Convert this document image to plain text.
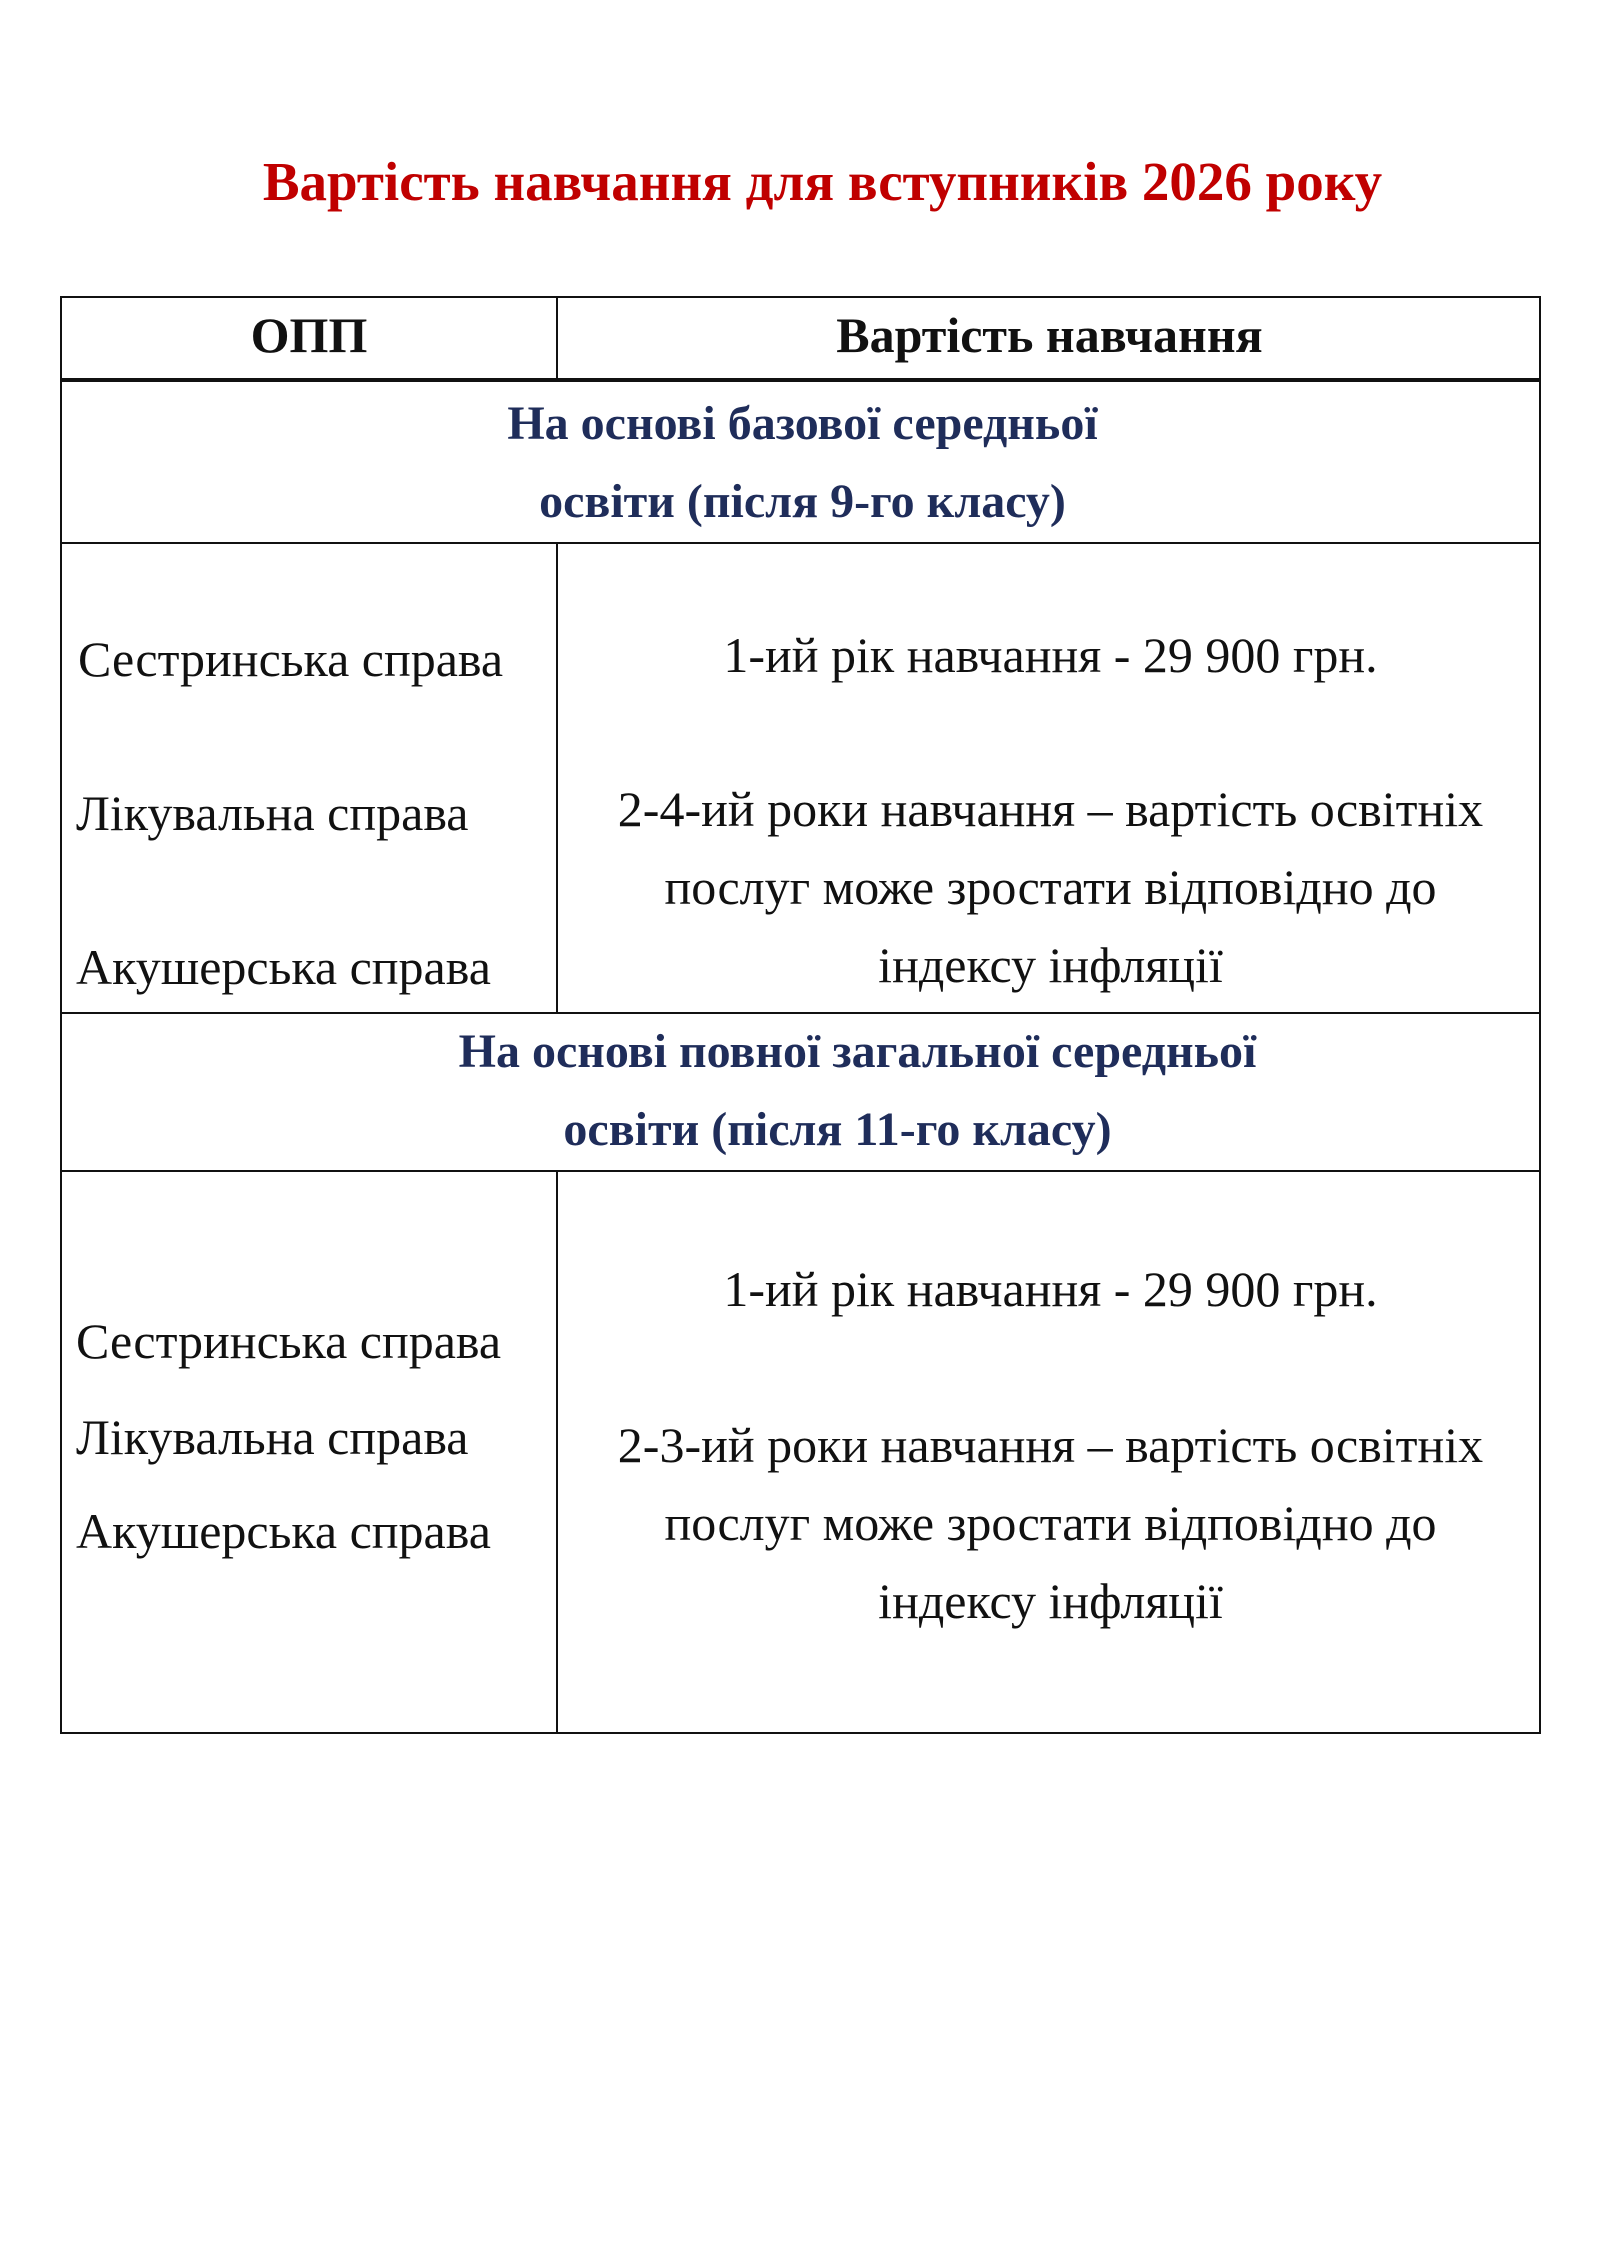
Вартість навчання для вступників 2026 року
ОПП	Вартість навчання
На основі базової середньої
освіти (після 9-го класу)
Сестринська справа
Лікувальна справа
Акушерська справа
1-ий рік навчання - 29 900 грн.
2-4-ий роки навчання – вартість освітніх
послуг може зростати відповідно до
індексу інфляції
На основі повної загальної середньої
освіти (після 11-го класу)
Сестринська справа
Лікувальна справа
Акушерська справа
1-ий рік навчання - 29 900 грн.
2-3-ий роки навчання – вартість освітніх
послуг може зростати відповідно до
індексу інфляції
